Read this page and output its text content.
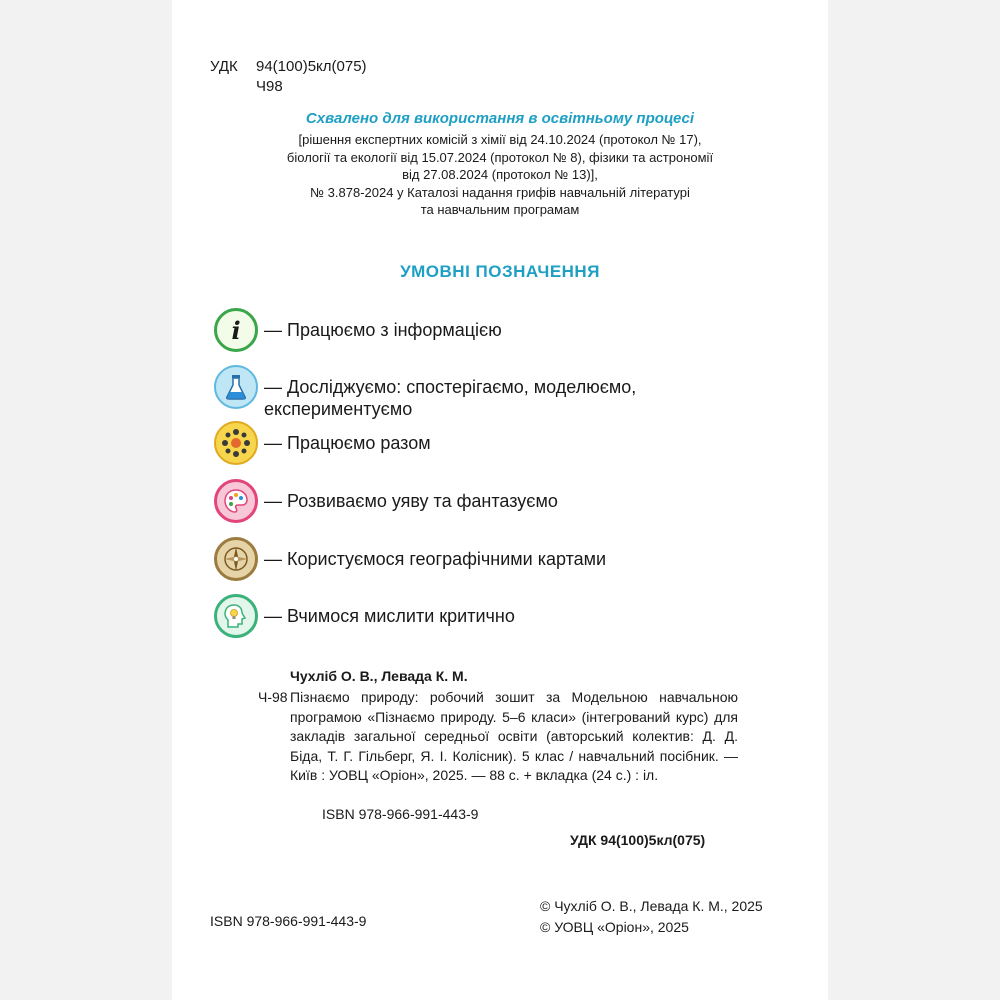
УДК 94(100)5кл(075)
Ч98
Схвалено для використання в освітньому процесі
[рішення експертних комісій з хімії від 24.10.2024 (протокол № 17),
біології та екології від 15.07.2024 (протокол № 8), фізики та астрономії
від 27.08.2024 (протокол № 13)],
№ 3.878-2024 у Каталозі надання грифів навчальній літературі
та навчальним програмам
УМОВНІ ПОЗНАЧЕННЯ
i — Працюємо з інформацією
— Досліджуємо: спостерігаємо, моделюємо, експериментуємо
— Працюємо разом
— Розвиваємо уяву та фантазуємо
— Користуємося географічними картами
— Вчимося мислити критично
Чухліб О. В., Левада К. М.
Ч-98 Пізнаємо природу: робочий зошит за Модельною навчальною програмою «Пізнаємо природу. 5–6 класи» (інтегрований курс) для закладів загальної середньої освіти (авторський колектив: Д. Д. Біда, Т. Г. Гільберг, Я. І. Колісник). 5 клас / навчальний посібник. — Київ : УОВЦ «Оріон», 2025. — 88 с. + вкладка (24 с.) : іл.
ISBN 978-966-991-443-9
УДК 94(100)5кл(075)
ISBN 978-966-991-443-9
© Чухліб О. В., Левада К. М., 2025
© УОВЦ «Оріон», 2025
